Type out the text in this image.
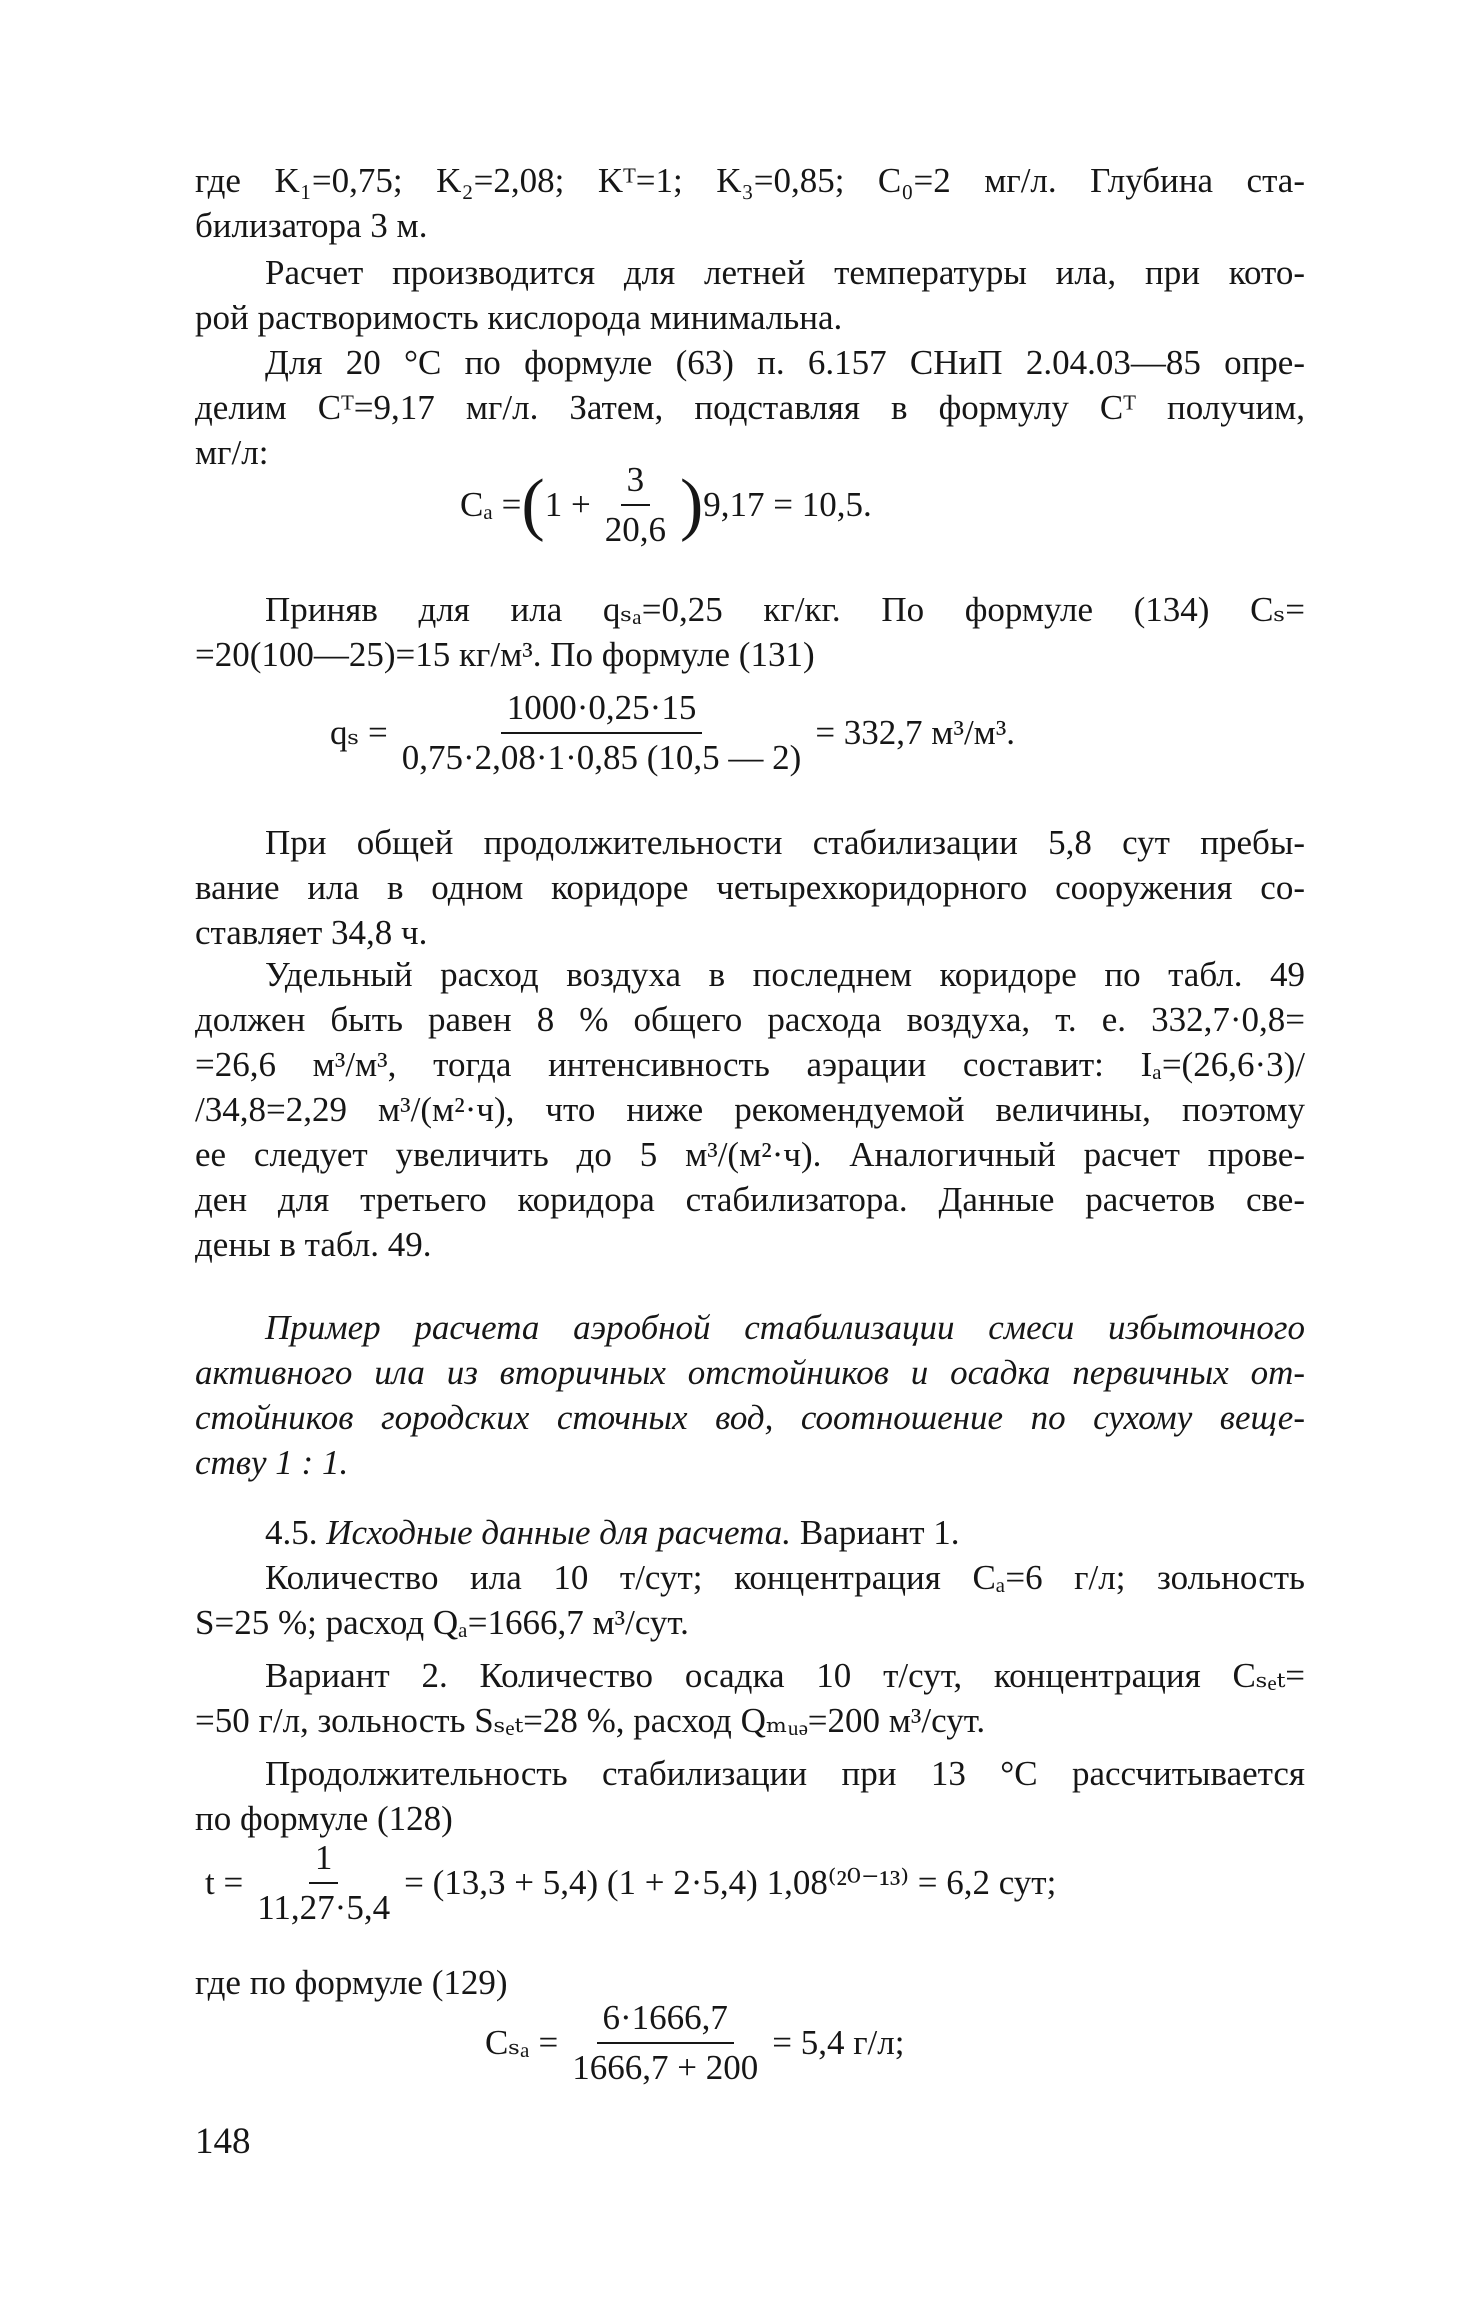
где K₁=0,75; K₂=2,08; Kᵀ=1; K₃=0,85; C₀=2 мг/л. Глубина ста-
билизатора 3 м.
Расчет производится для летней температуры ила, при кото-
рой растворимость кислорода минимальна.
Для 20 °С по формуле (63) п. 6.157 СНиП 2.04.03—85 опре-
делим Cᵀ=9,17 мг/л. Затем, подставляя в формулу Cᵀ получим,
мг/л:
Cₐ = ( $1 + \frac{3}{20,6}$ ) 9,17 = 10,5.
Приняв для ила qₛₐ=0,25 кг/кг. По формуле (134) Cₛ=
=20(100—25)=15 кг/м³. По формуле (131)
$q_s = \frac{1000\cdot 0,25\cdot 15}{0,75\cdot 2,08\cdot 1\cdot 0,85 (10,5 — 2)} = 332,7$ м³/м³.
При общей продолжительности стабилизации 5,8 сут пребы-
вание ила в одном коридоре четырехкоридорного сооружения со-
ставляет 34,8 ч.
Удельный расход воздуха в последнем коридоре по табл. 49
должен быть равен 8 % общего расхода воздуха, т. е. 332,7·0,8=
=26,6 м³/м³, тогда интенсивность аэрации составит: Iₐ=(26,6·3)/
/34,8=2,29 м³/(м²·ч), что ниже рекомендуемой величины, поэтому
ее следует увеличить до 5 м³/(м²·ч). Аналогичный расчет прове-
ден для третьего коридора стабилизатора. Данные расчетов све-
дены в табл. 49.
Пример расчета аэробной стабилизации смеси избыточного
активного ила из вторичных отстойников и осадка первичных от-
стойников городских сточных вод, соотношение по сухому веще-
ству 1 : 1.
4.5. Исходные данные для расчета. Вариант 1.
Количество ила 10 т/сут; концентрация Cₐ=6 г/л; зольность
S=25 %; расход Qₐ=1666,7 м³/сут.
Вариант 2. Количество осадка 10 т/сут, концентрация Cₛₑₜ=
=50 г/л, зольность Sₛₑₜ=28 %, расход Qₘᵤₔ=200 м³/сут.
Продолжительность стабилизации при 13 °С рассчитывается
по формуле (128)
$t = \frac{1}{11,27\cdot 5,4} = (13,3 + 5,4) (1 + 2\cdot 5,4) 1,08^{(20-13)} = 6,2$ сут;
где по формуле (129)
$C_{sa} = \frac{6\cdot 1666,7}{1666,7 + 200} = 5,4$ г/л;
148
